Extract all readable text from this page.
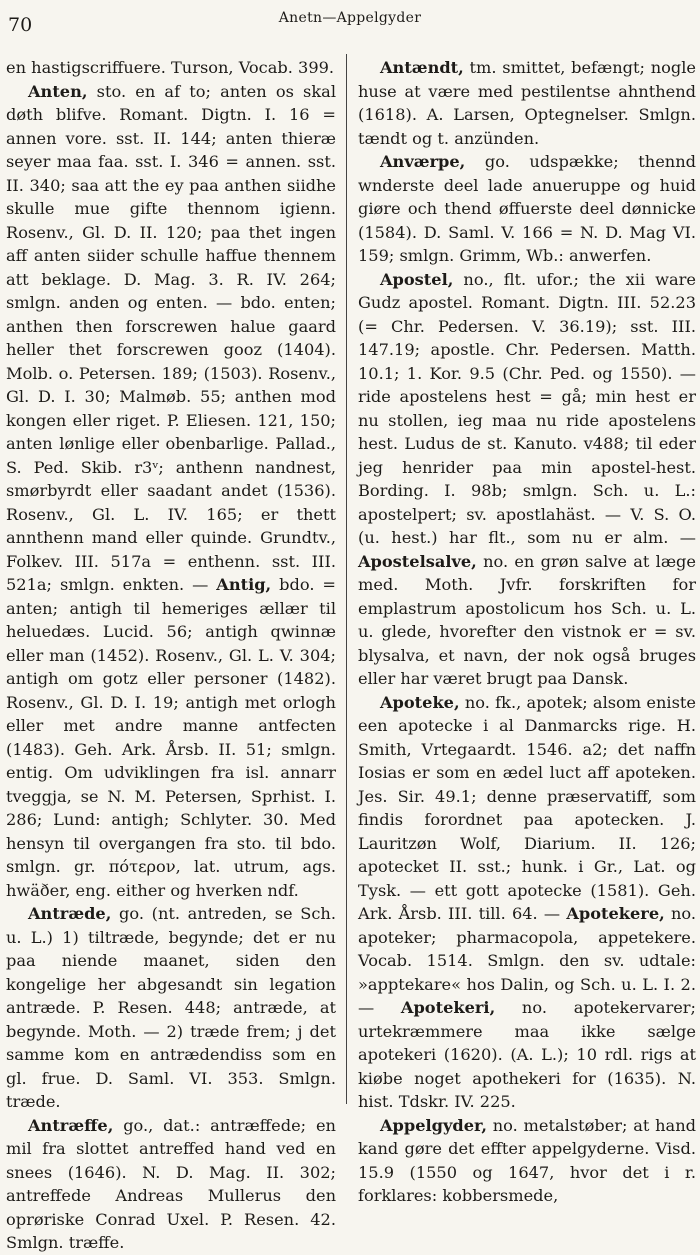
70	Anetn—Appelgyder

en hastigscriffuere. Turson, Vocab. 399.

Anten, sto. en af to; anten os skal døth blifve. Romant. Digtn. I. 16 = annen vore. sst. II. 144; anten thieræ seyer maa faa. sst. I. 346 = annen. sst. II. 340; saa att the ey paa anthen siidhe skulle mue gifte thennom igienn. Rosenv., Gl. D. II. 120; paa thet ingen aff anten siider schulle haffue thennem att beklage. D. Mag. 3. R. IV. 264; smlgn. anden og enten. — bdo. enten; anthen then forscrewen halue gaard heller thet forscrewen gooz (1404). Molb. o. Petersen. 189; (1503). Rosenv., Gl. D. I. 30; Malmøb. 55; anthen mod kongen eller riget. P. Eliesen. 121, 150; anten lønlige eller obenbarlige. Pallad., S. Ped. Skib. r3ᵛ; anthenn nandnest, smørbyrdt eller saadant andet (1536). Rosenv., Gl. L. IV. 165; er thett annthenn mand eller quinde. Grundtv., Folkev. III. 517a = enthenn. sst. III. 521a; smlgn. enkten. — Antig, bdo. = anten; antigh til hemeriges ællær til heluedæs. Lucid. 56; antigh qwinnæ eller man (1452). Rosenv., Gl. L. V. 304; antigh om gotz eller personer (1482). Rosenv., Gl. D. I. 19; antigh met orlogh eller met andre manne antfecten (1483). Geh. Ark. Årsb. II. 51; smlgn. entig. Om udviklingen fra isl. annarr tveggja, se N. M. Petersen, Sprhist. I. 286; Lund: antigh; Schlyter. 30. Med hensyn til overgangen fra sto. til bdo. smlgn. gr. πότερον, lat. utrum, ags. hwäðer, eng. either og hverken ndf.

Antræde, go. (nt. antreden, se Sch. u. L.) 1) tiltræde, begynde; det er nu paa niende maanet, siden den kongelige her abgesandt sin legation antræde. P. Resen. 448; antræde, at begynde. Moth. — 2) træde frem; j det samme kom en antrædendiss som en gl. frue. D. Saml. VI. 353. Smlgn. træde.

Antræffe, go., dat.: antræffede; en mil fra slottet antreffed hand ved en snees (1646). N. D. Mag. II. 302; antreffede Andreas Mullerus den oprøriske Conrad Uxel. P. Resen. 42. Smlgn. træffe.

Antændt, tm. smittet, befængt; nogle huse at være med pestilentse ahnthend (1618). A. Larsen, Optegnelser. Smlgn. tændt og t. anzünden.

Anværpe, go. udspække; thennd wnderste deel lade anueruppe og huid giøre och thend øffuerste deel dønnicke (1584). D. Saml. V. 166 = N. D. Mag VI. 159; smlgn. Grimm, Wb.: anwerfen.

Apostel, no., flt. ufor.; the xii ware Gudz apostel. Romant. Digtn. III. 52.23 (= Chr. Pedersen. V. 36.19); sst. III. 147.19; apostle. Chr. Pedersen. Matth. 10.1; 1. Kor. 9.5 (Chr. Ped. og 1550). — ride apostelens hest = gå; min hest er nu stollen, ieg maa nu ride apostelens hest. Ludus de st. Kanuto. v488; til eder jeg henrider paa min apostel-hest. Bording. I. 98b; smlgn. Sch. u. L.: apostelpert; sv. apostlahäst. — V. S. O. (u. hest.) har flt., som nu er alm. — Apostelsalve, no. en grøn salve at læge med. Moth. Jvfr. forskriften for emplastrum apostolicum hos Sch. u. L. u. glede, hvorefter den vistnok er = sv. blysalva, et navn, der nok også bruges eller har været brugt paa Dansk.

Apoteke, no. fk., apotek; alsom eniste een apotecke i al Danmarcks rige. H. Smith, Vrtegaardt. 1546. a2; det naffn Iosias er som en ædel luct aff apoteken. Jes. Sir. 49.1; denne præservatiff, som findis forordnet paa apotecken. J. Lauritzøn Wolf, Diarium. II. 126; apotecket II. sst.; hunk. i Gr., Lat. og Tysk. — ett gott apotecke (1581). Geh. Ark. Årsb. III. till. 64. — Apotekere, no. apoteker; pharmacopola, appetekere. Vocab. 1514. Smlgn. den sv. udtale: »apptekare« hos Dalin, og Sch. u. L. I. 2. — Apotekeri, no. apotekervarer; urtekræmmere maa ikke sælge apotekeri (1620). (A. L.); 10 rdl. rigs at kiøbe noget apothekeri for (1635). N. hist. Tdskr. IV. 225.

Appelgyder, no. metalstøber; at hand kand gøre det effter appelgyderne. Visd. 15.9 (1550 og 1647, hvor det i r. forklares: kobbersmede,
